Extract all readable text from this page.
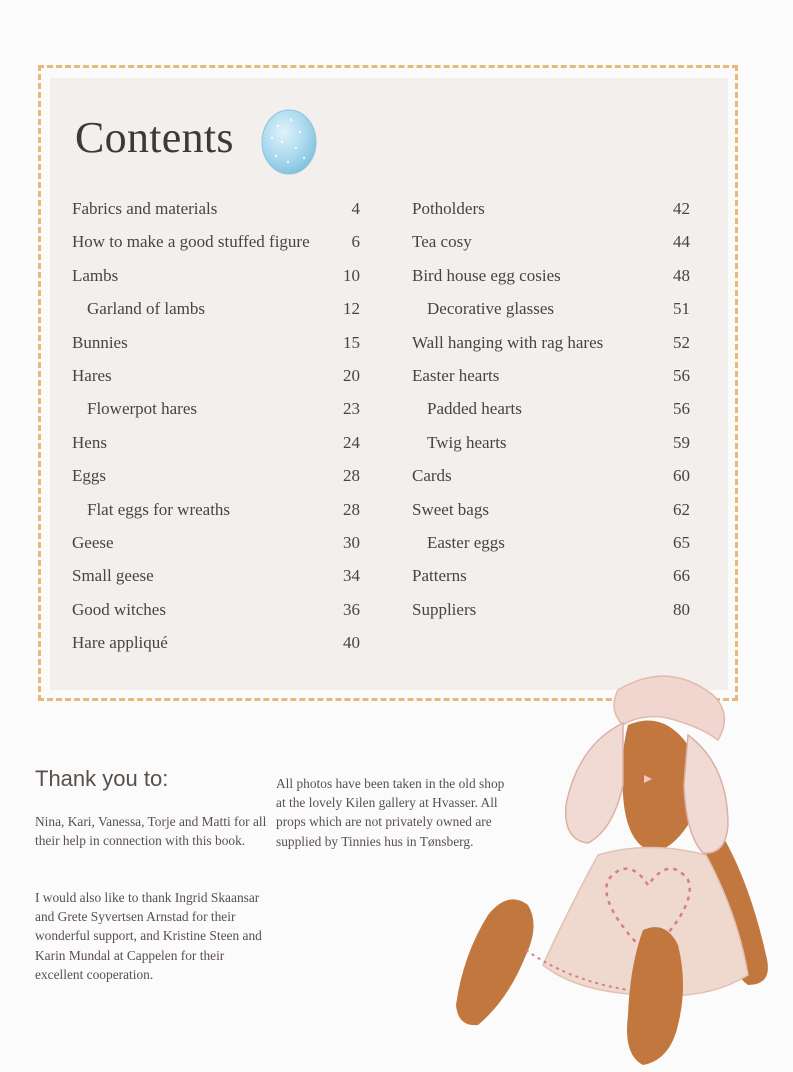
Contents
Fabrics and materials	4
How to make a good stuffed figure 6
Lambs	10
Garland of lambs	12
Bunnies	15
Hares	20
Flowerpot hares	23
Hens	24
Eggs	28
Flat eggs for wreaths	28
Geese	30
Small geese	34
Good witches	36
Hare appliqué	40
Potholders	42
Tea cosy	44
Bird house egg cosies	48
Decorative glasses	51
Wall hanging with rag hares	52
Easter hearts	56
Padded hearts	56
Twig hearts	59
Cards	60
Sweet bags	62
Easter eggs	65
Patterns	66
Suppliers	80
Thank you to:
Nina, Kari, Vanessa, Torje and Matti for all their help in connection with this book.
I would also like to thank Ingrid Skaansar and Grete Syvertsen Arnstad for their wonderful support, and Kristine Steen and Karin Mundal at Cappelen for their excellent cooperation.
All photos have been taken in the old shop at the lovely Kilen gallery at Hvasser. All props which are not privately owned are supplied by Tinnies hus in Tønsberg.
